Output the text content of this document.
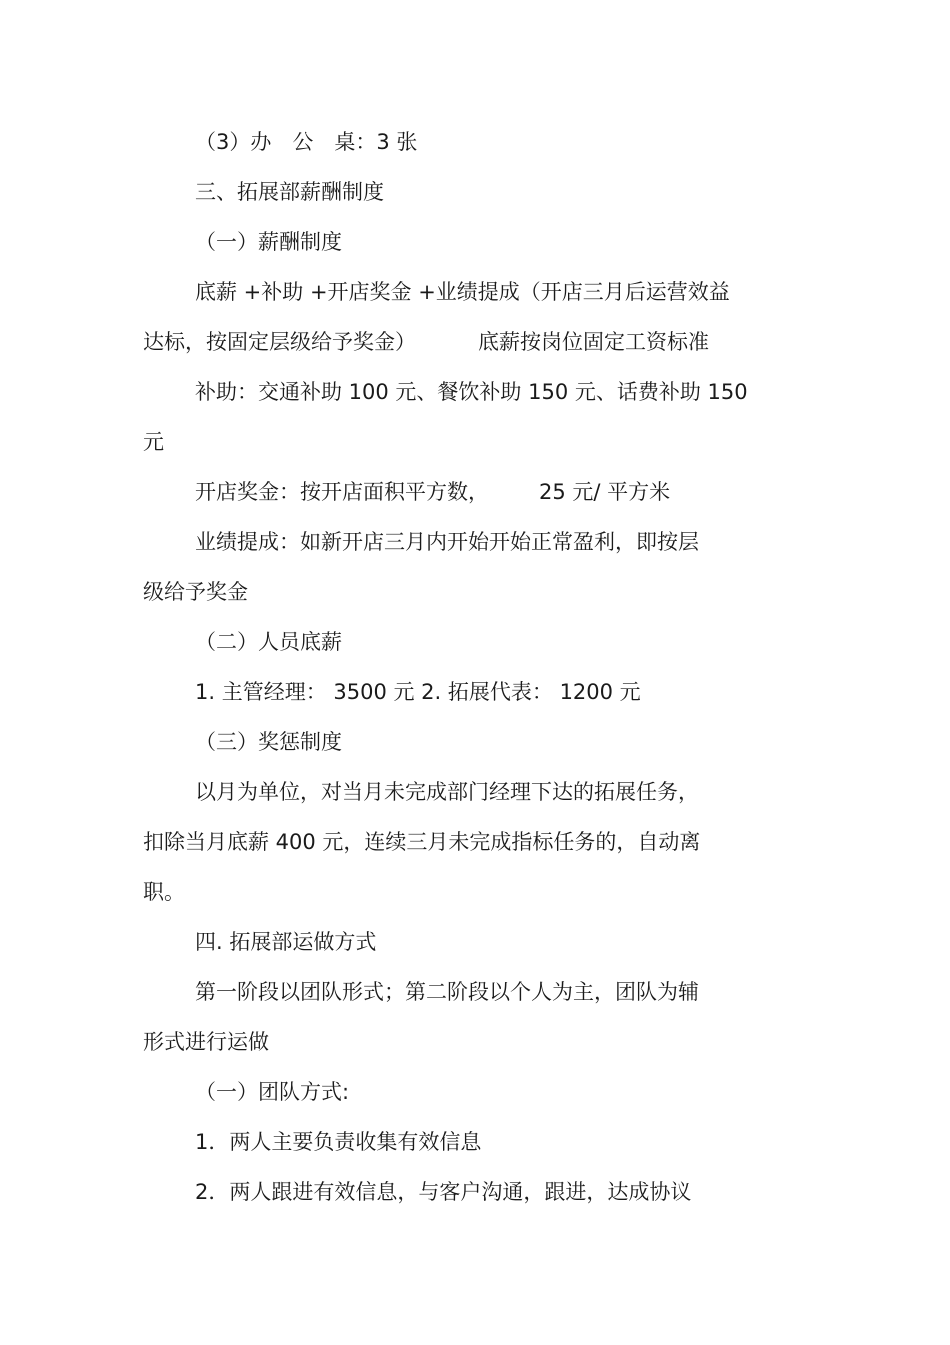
（3）办　公　桌：3 张
三、拓展部薪酬制度
（一）薪酬制度
底薪 +补助 +开店奖金 +业绩提成（开店三月后运营效益
达标，按固定层级给予奖金）	底薪按岗位固定工资标准
补助：交通补助 100 元、餐饮补助 150 元、话费补助 150
元
开店奖金：按开店面积平方数， 25 元/ 平方米
业绩提成：如新开店三月内开始开始正常盈利，即按层
级给予奖金
（二）人员底薪
1. 主管经理： 3500 元 2. 拓展代表： 1200 元
（三）奖惩制度
以月为单位，对当月未完成部门经理下达的拓展任务，
扣除当月底薪 400 元，连续三月未完成指标任务的，自动离
职。
四. 拓展部运做方式
第一阶段以团队形式；第二阶段以个人为主，团队为辅
形式进行运做
（一）团队方式:
1．两人主要负责收集有效信息
2．两人跟进有效信息，与客户沟通，跟进，达成协议
